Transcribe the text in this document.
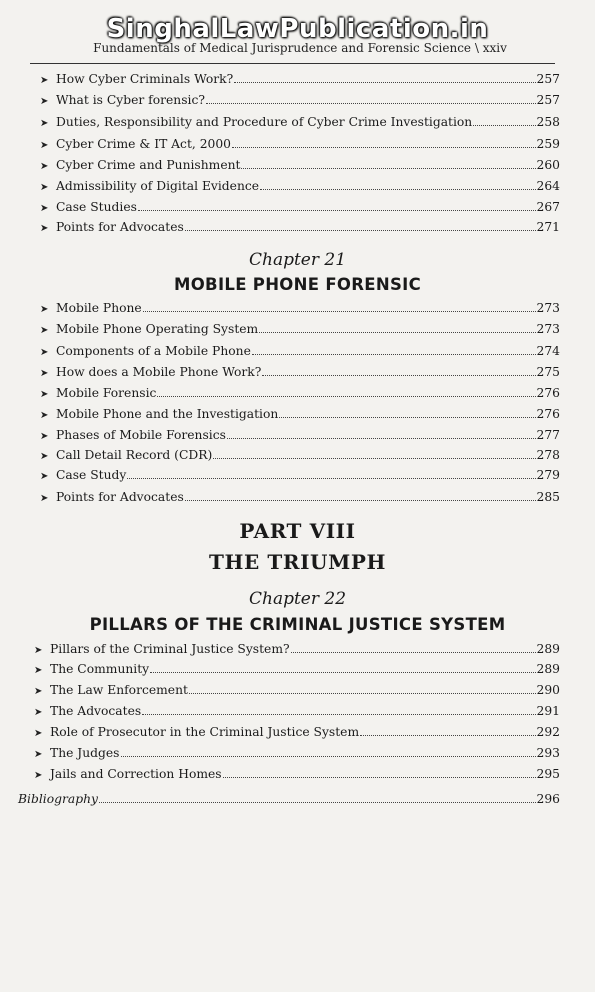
SinghalLawPublication.in
Fundamentals of Medical Jurisprudence and Forensic Science \ xxiv
➤ How Cyber Criminals Work?	257
➤ What is Cyber forensic?	257
➤ Duties, Responsibility and Procedure of Cyber Crime Investigation	258
➤ Cyber Crime & IT Act, 2000	259
➤ Cyber Crime and Punishment	260
➤ Admissibility of Digital Evidence	264
➤ Case Studies	267
➤ Points for Advocates	271
Chapter 21
MOBILE PHONE FORENSIC
➤ Mobile Phone	273
➤ Mobile Phone Operating System	273
➤ Components of a Mobile Phone	274
➤ How does a Mobile Phone Work?	275
➤ Mobile Forensic	276
➤ Mobile Phone and the Investigation	276
➤ Phases of Mobile Forensics	277
➤ Call Detail Record (CDR)	278
➤ Case Study	279
➤ Points for Advocates	285
PART VIII
THE TRIUMPH
Chapter 22
PILLARS OF THE CRIMINAL JUSTICE SYSTEM
➤ Pillars of the Criminal Justice System?	289
➤ The Community	289
➤ The Law Enforcement	290
➤ The Advocates	291
➤ Role of Prosecutor in the Criminal Justice System	292
➤ The Judges	293
➤ Jails and Correction Homes	295
Bibliography	296
